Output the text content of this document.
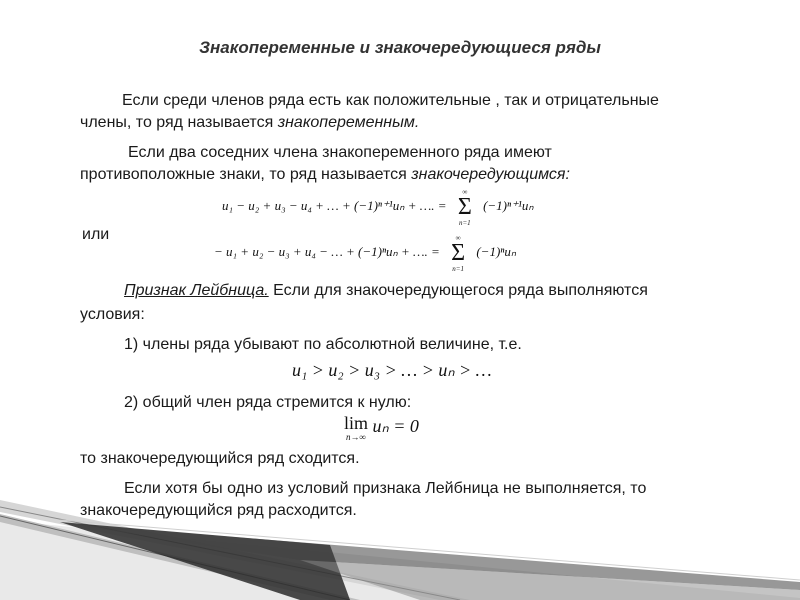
Знакопеременные и знакочередующиеся ряды
Если среди членов ряда есть как положительные , так и отрицательные
члены, то ряд называется знакопеременным.
Если два соседних члена знакопеременного ряда имеют
противоположные знаки, то ряд называется знакочередующимся:
u₁ − u₂ + u₃ − u₄ + … + (−1)ⁿ⁺¹uₙ + …. =
∞
Σ
n=1
(−1)ⁿ⁺¹uₙ
или
− u₁ + u₂ − u₃ + u₄ − … + (−1)ⁿuₙ + …. =
∞
Σ
n=1
(−1)ⁿuₙ
Признак Лейбница. Если для знакочередующегося ряда выполняются
условия:
1) члены ряда убывают по абсолютной величине, т.е.
u₁ > u₂ > u₃ > … > uₙ > …
2) общий член ряда стремится к нулю:
lim
n→∞
uₙ = 0
то знакочередующийся ряд сходится.
Если хотя бы одно из условий признака Лейбница не выполняется, то
знакочередующийся ряд расходится.
